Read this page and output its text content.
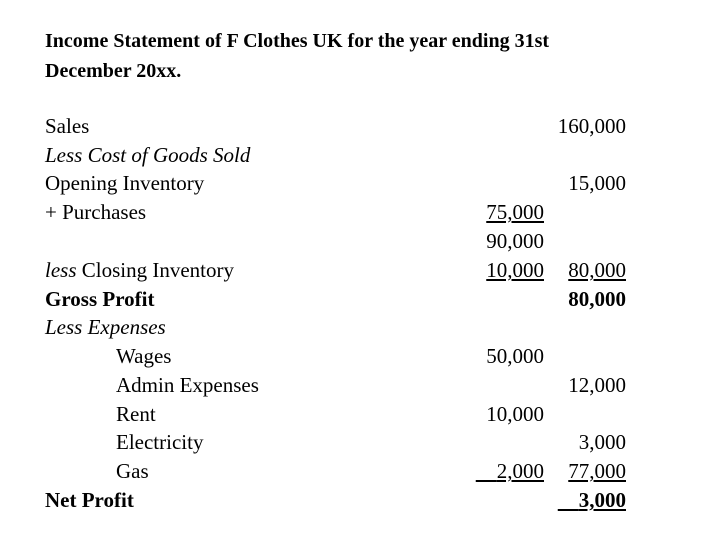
Income Statement of F Clothes UK for the year ending 31st
December 20xx.
Sales
Less Cost of Goods Sold
Opening Inventory
+ Purchases
less Closing Inventory
Gross Profit
Less Expenses
Wages
Admin Expenses
Rent
Electricity
Gas
Net Profit
160,000
15,000
75,000
90,000
10,000	80,000
80,000
50,000
12,000
10,000
3,000
 2,000	77,000
 3,000
